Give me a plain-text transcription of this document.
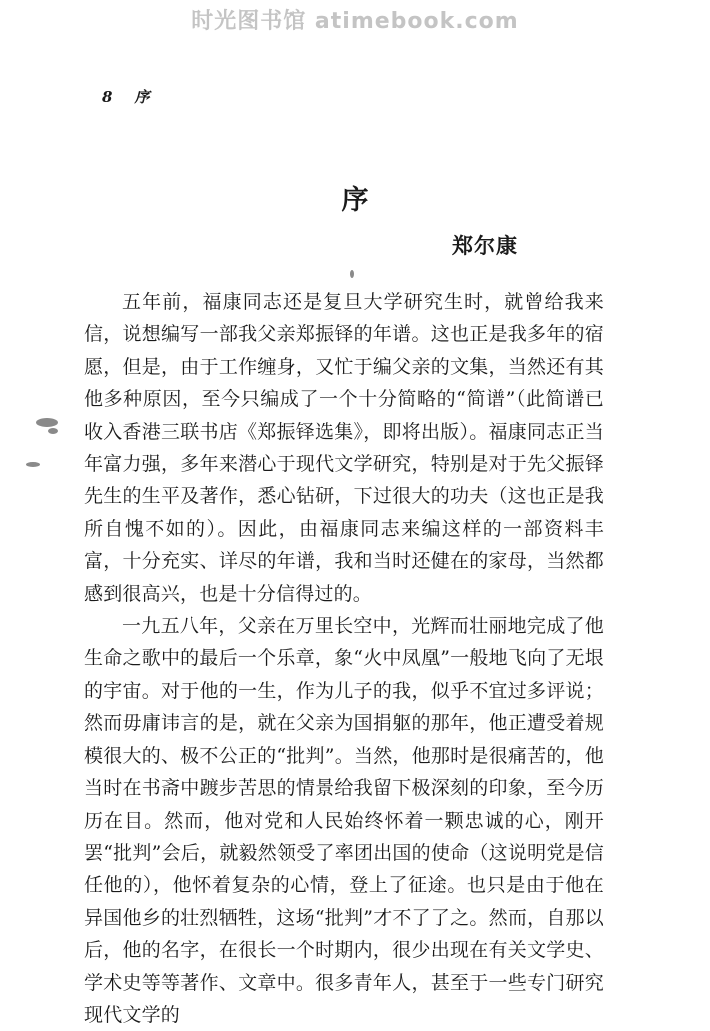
时光图书馆 atimebook.com
8 序
序
郑尔康

五年前，福康同志还是复旦大学研究生时，就曾给我来信，说想编写一部我父亲郑振铎的年谱。这也正是我多年的宿愿，但是，由于工作缠身，又忙于编父亲的文集，当然还有其他多种原因，至今只编成了一个十分简略的“简谱”（此简谱已收入香港三联书店《郑振铎选集》，即将出版）。福康同志正当年富力强，多年来潜心于现代文学研究，特别是对于先父振铎先生的生平及著作，悉心钻研，下过很大的功夫（这也正是我所自愧不如的）。因此，由福康同志来编这样的一部资料丰富，十分充实、详尽的年谱，我和当时还健在的家母，当然都感到很高兴，也是十分信得过的。

一九五八年，父亲在万里长空中，光辉而壮丽地完成了他生命之歌中的最后一个乐章，象“火中凤凰”一般地飞向了无垠的宇宙。对于他的一生，作为儿子的我，似乎不宜过多评说；然而毋庸讳言的是，就在父亲为国捐躯的那年，他正遭受着规模很大的、极不公正的“批判”。当然，他那时是很痛苦的，他当时在书斋中踱步苦思的情景给我留下极深刻的印象，至今历历在目。然而，他对党和人民始终怀着一颗忠诚的心，刚开罢“批判”会后，就毅然领受了率团出国的使命（这说明党是信任他的），他怀着复杂的心情，登上了征途。也只是由于他在异国他乡的壮烈牺牲，这场“批判”才不了了之。然而，自那以后，他的名字，在很长一个时期内，很少出现在有关文学史、学术史等等著作、文章中。很多青年人，甚至于一些专门研究现代文学的
